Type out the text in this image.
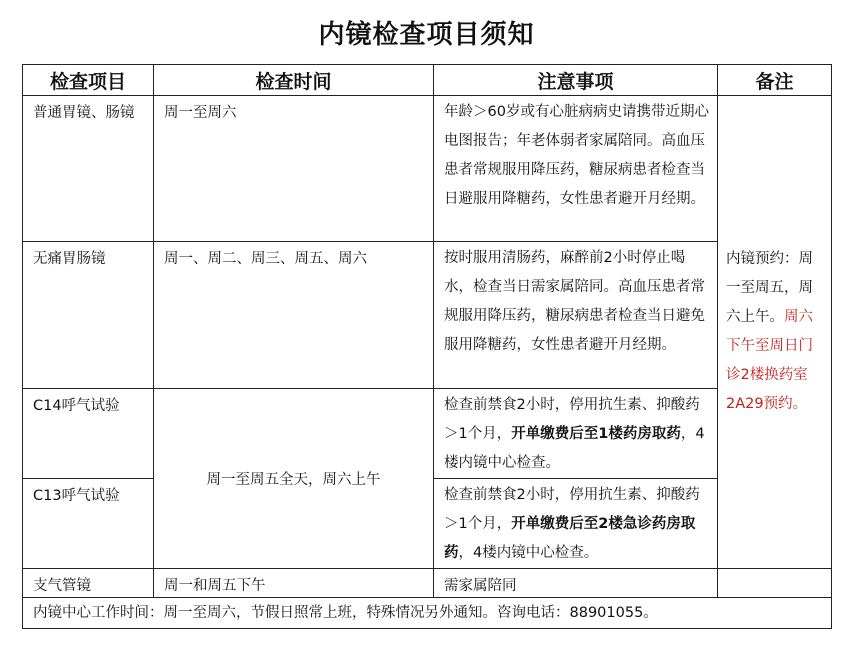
内镜检查项目须知
检查项目	检查时间	注意事项	备注
普通胃镜、肠镜	周一至周六	年龄＞60岁或有心脏病病史请携带近期心电图报告；年老体弱者家属陪同。高血压患者常规服用降压药，糖尿病患者检查当日避服用降糖药，女性患者避开月经期。	内镜预约：周一至周五，周六上午。周六下午至周日门诊2楼换药室2A29预约。
无痛胃肠镜	周一、周二、周三、周五、周六	按时服用清肠药，麻醉前2小时停止喝水，检查当日需家属陪同。高血压患者常规服用降压药，糖尿病患者检查当日避免服用降糖药，女性患者避开月经期。	
C14呼气试验	周一至周五全天，周六上午	检查前禁食2小时，停用抗生素、抑酸药＞1个月，开单缴费后至1楼药房取药，4楼内镜中心检查。	
C13呼气试验		检查前禁食2小时，停用抗生素、抑酸药＞1个月，开单缴费后至2楼急诊药房取药，4楼内镜中心检查。	
支气管镜	周一和周五下午	需家属陪同	
内镜中心工作时间：周一至周六，节假日照常上班，特殊情况另外通知。咨询电话：88901055。			
